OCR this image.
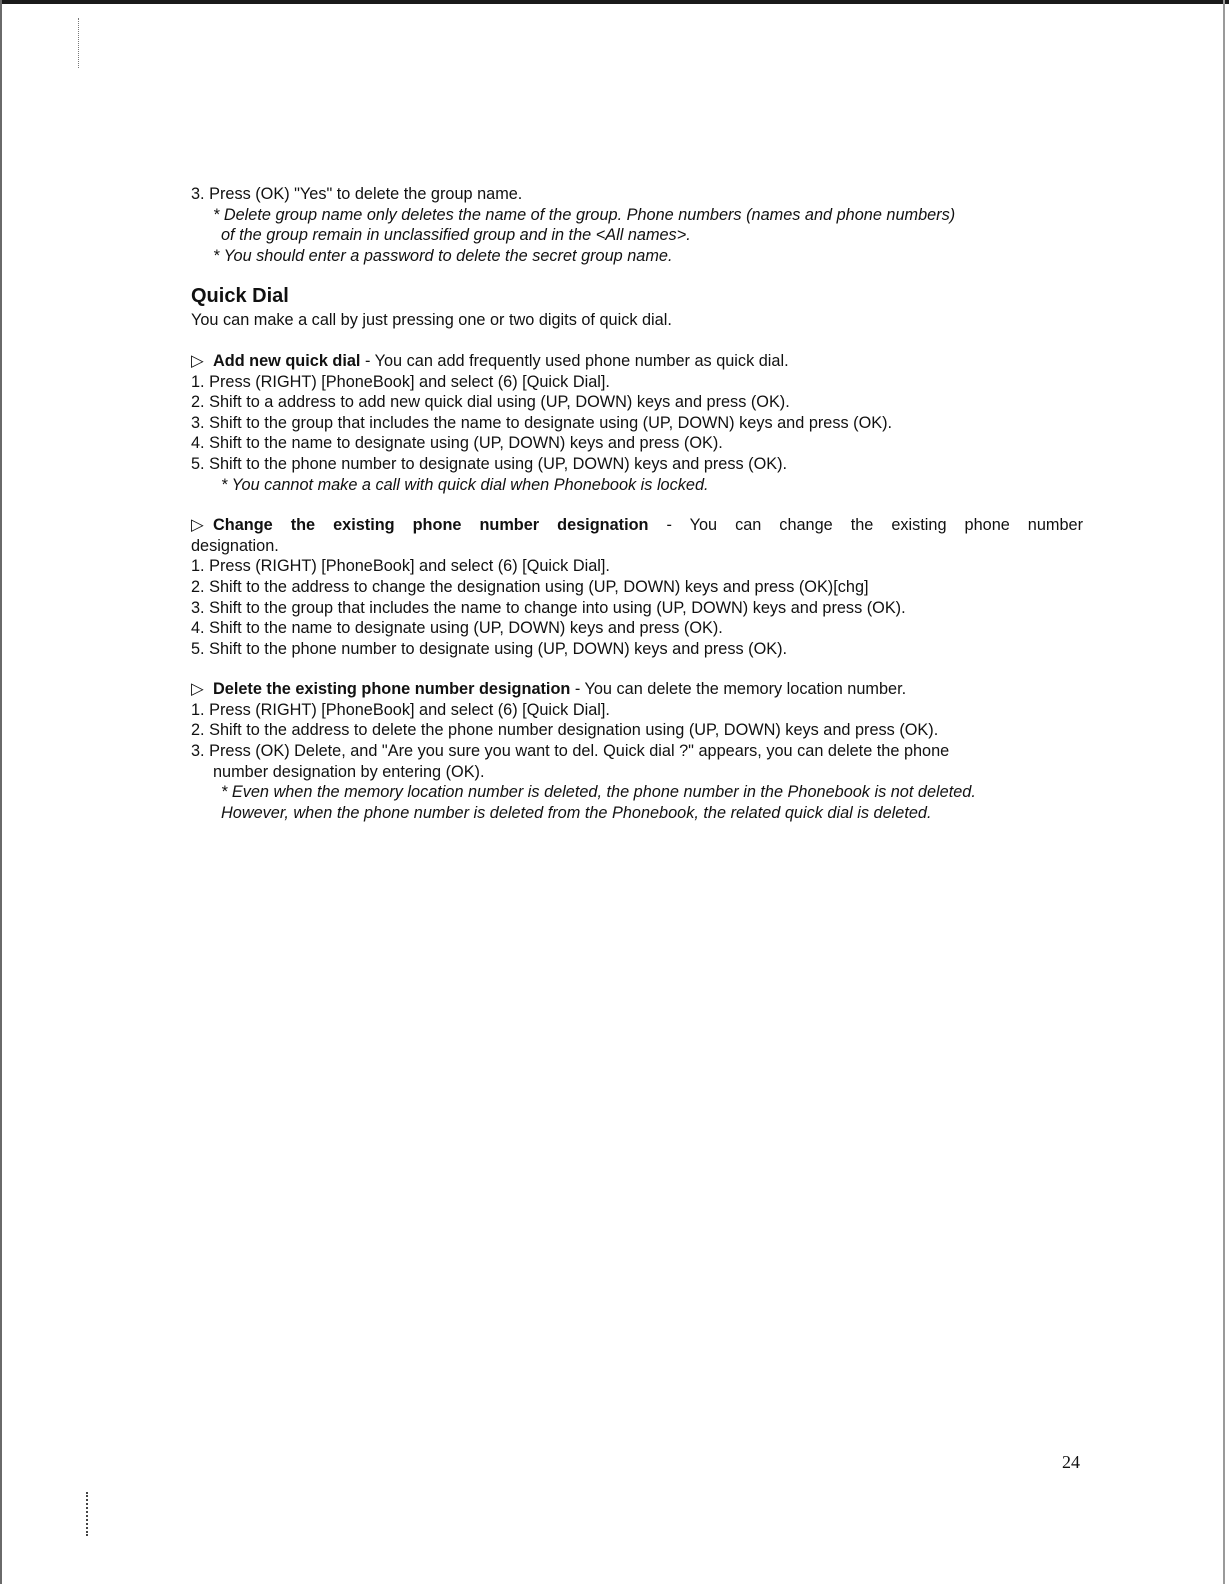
3. Press (OK) "Yes" to delete the group name.
* Delete group name only deletes the name of the group. Phone numbers (names and phone numbers)
of the group remain in unclassified group and in the <All names>.
* You should enter a password to delete the secret group name.
Quick Dial
You can make a call by just pressing one or two digits of quick dial.
▷ Add new quick dial - You can add frequently used phone number as quick dial.
1. Press (RIGHT) [PhoneBook] and select (6) [Quick Dial].
2. Shift to a address to add new quick dial using (UP, DOWN) keys and press (OK).
3. Shift to the group that includes the name to designate using (UP, DOWN) keys and press (OK).
4. Shift to the name to designate using (UP, DOWN) keys and press (OK).
5. Shift to the phone number to designate using (UP, DOWN) keys and press (OK).
* You cannot make a call with quick dial when Phonebook is locked.
▷ Change the existing phone number designation - You can change the existing phone number
designation.
1. Press (RIGHT) [PhoneBook] and select (6) [Quick Dial].
2. Shift to the address to change the designation using (UP, DOWN) keys and press (OK)[chg]
3. Shift to the group that includes the name to change into using (UP, DOWN) keys and press (OK).
4. Shift to the name to designate using (UP, DOWN) keys and press (OK).
5. Shift to the phone number to designate using (UP, DOWN) keys and press (OK).
▷ Delete the existing phone number designation - You can delete the memory location number.
1. Press (RIGHT) [PhoneBook] and select (6) [Quick Dial].
2. Shift to the address to delete the phone number designation using (UP, DOWN) keys and press (OK).
3. Press (OK) Delete, and "Are you sure you want to del. Quick dial ?" appears, you can delete the phone
number designation by entering (OK).
* Even when the memory location number is deleted, the phone number in the Phonebook is not deleted.
However, when the phone number is deleted from the Phonebook, the related quick dial is deleted.
24
